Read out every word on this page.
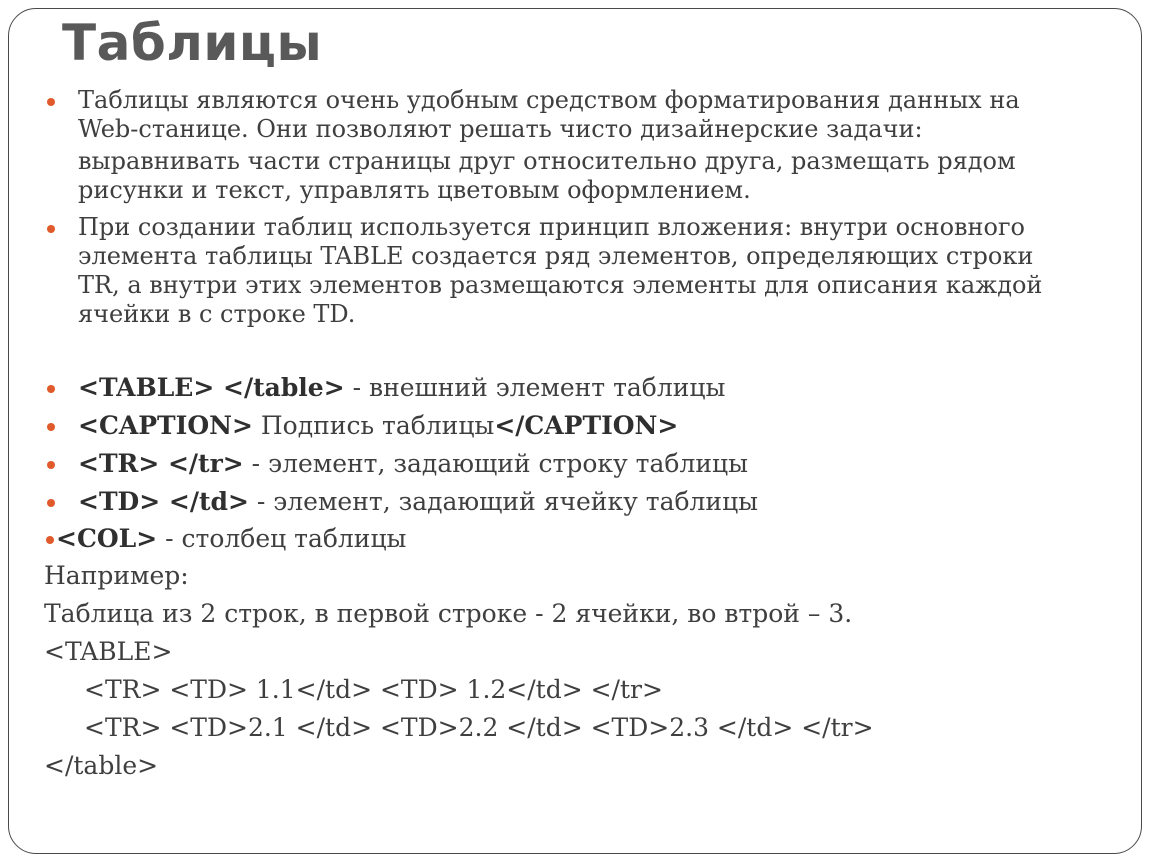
Таблицы
Таблицы являются очень удобным средством форматирования данных на
Web-станице. Они позволяют решать чисто дизайнерские задачи:
выравнивать части страницы друг относительно друга, размещать рядом
рисунки и текст, управлять цветовым оформлением.
При создании таблиц используется принцип вложения: внутри основного
элемента таблицы TABLE создается ряд элементов, определяющих строки
TR, а внутри этих элементов размещаются элементы для описания каждой
ячейки в с строке TD.
<TABLE> </table> - внешний элемент таблицы
<CAPTION> Подпись таблицы</CAPTION>
<TR> </tr> - элемент, задающий строку таблицы
<TD> </td> - элемент, задающий ячейку таблицы
<COL> - столбец таблицы
Например:
Таблица из 2 строк, в первой строке - 2 ячейки, во втрой – 3.
<TABLE>
<TR> <TD> 1.1</td> <TD> 1.2</td> </tr>
<TR> <TD>2.1 </td> <TD>2.2 </td> <TD>2.3 </td> </tr>
</table>
